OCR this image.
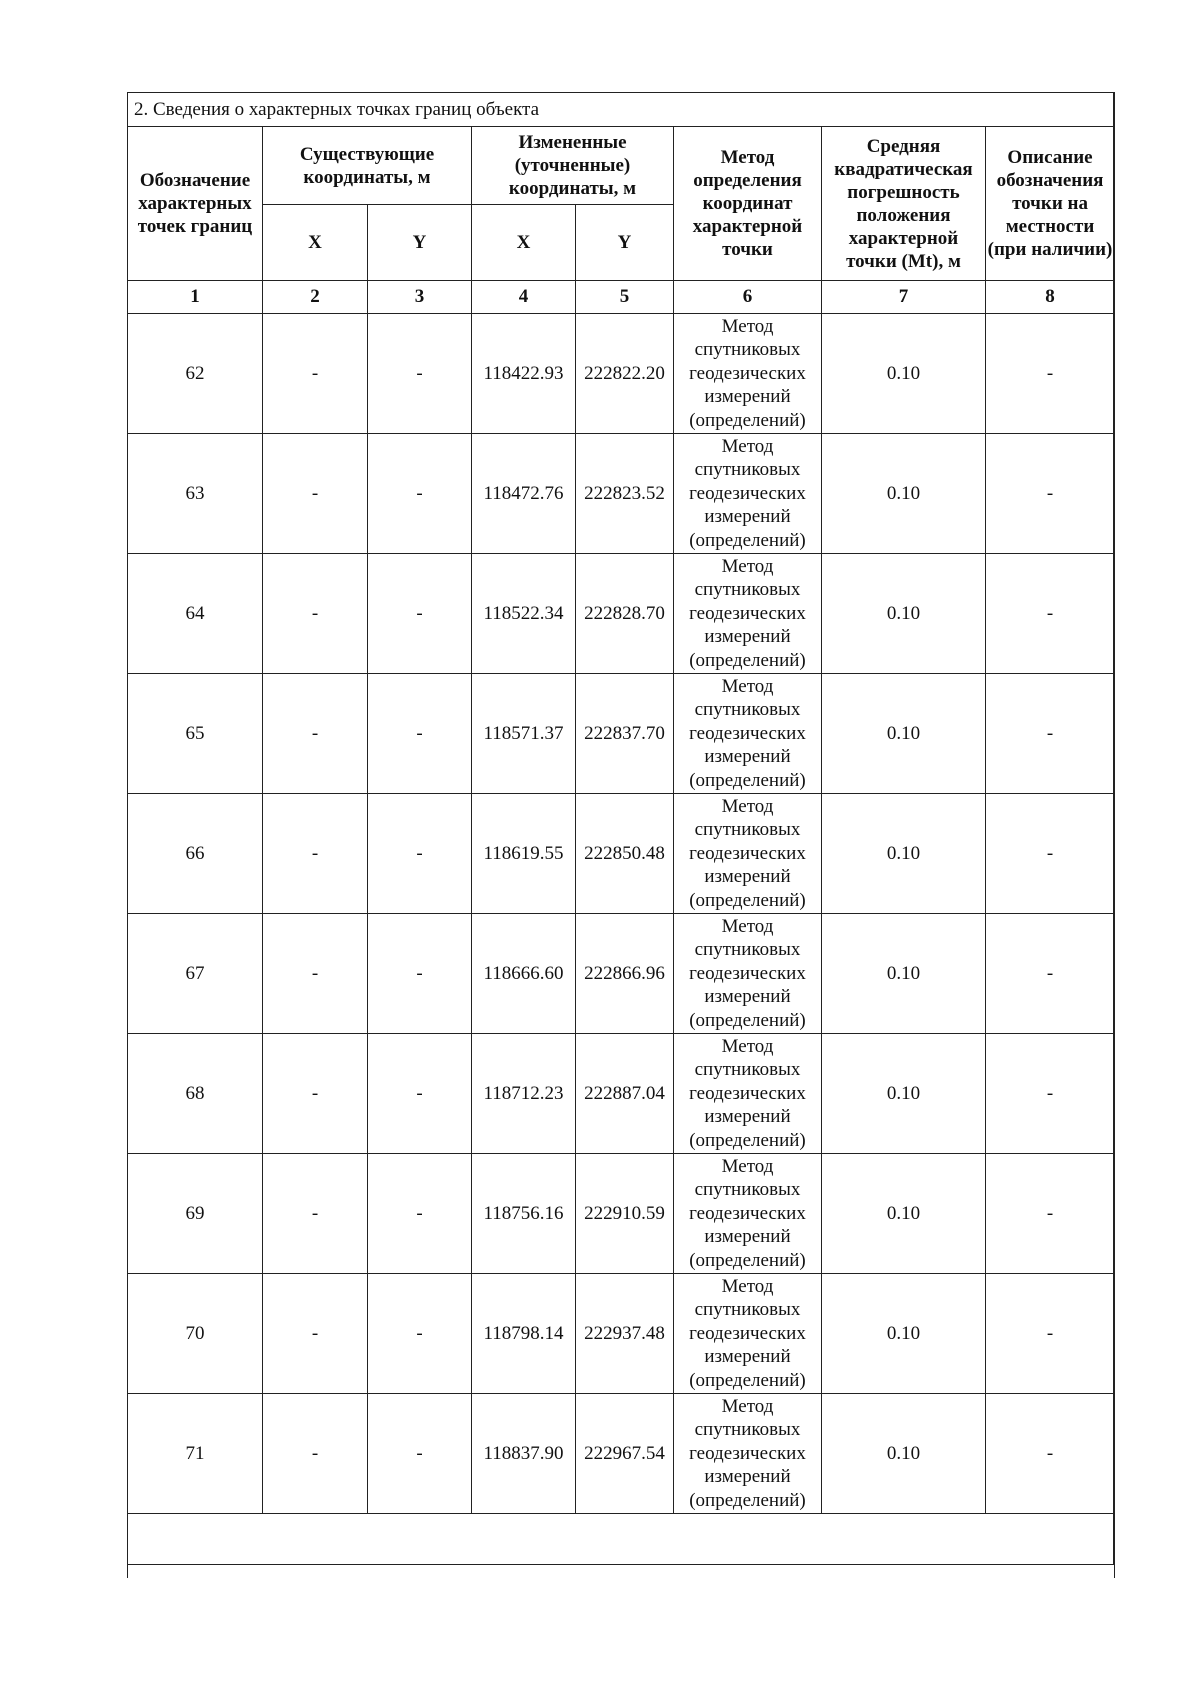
2. Сведения о характерных точках границ объекта							
Обозначение характерных точек границ	Существующие координаты, м		Измененные (уточненные) координаты, м		Метод определения координат характерной точки	Средняя квадратическая погрешность положения характерной точки (Mt), м	Описание обозначения точки на местности (при наличии)
	X	Y	X	Y			
1	2	3	4	5	6	7	8
62	-	-	118422.93	222822.20	Метод спутниковых геодезических измерений (определений)	0.10	-
63	-	-	118472.76	222823.52	Метод спутниковых геодезических измерений (определений)	0.10	-
64	-	-	118522.34	222828.70	Метод спутниковых геодезических измерений (определений)	0.10	-
65	-	-	118571.37	222837.70	Метод спутниковых геодезических измерений (определений)	0.10	-
66	-	-	118619.55	222850.48	Метод спутниковых геодезических измерений (определений)	0.10	-
67	-	-	118666.60	222866.96	Метод спутниковых геодезических измерений (определений)	0.10	-
68	-	-	118712.23	222887.04	Метод спутниковых геодезических измерений (определений)	0.10	-
69	-	-	118756.16	222910.59	Метод спутниковых геодезических измерений (определений)	0.10	-
70	-	-	118798.14	222937.48	Метод спутниковых геодезических измерений (определений)	0.10	-
71	-	-	118837.90	222967.54	Метод спутниковых геодезических измерений (определений)	0.10	-
